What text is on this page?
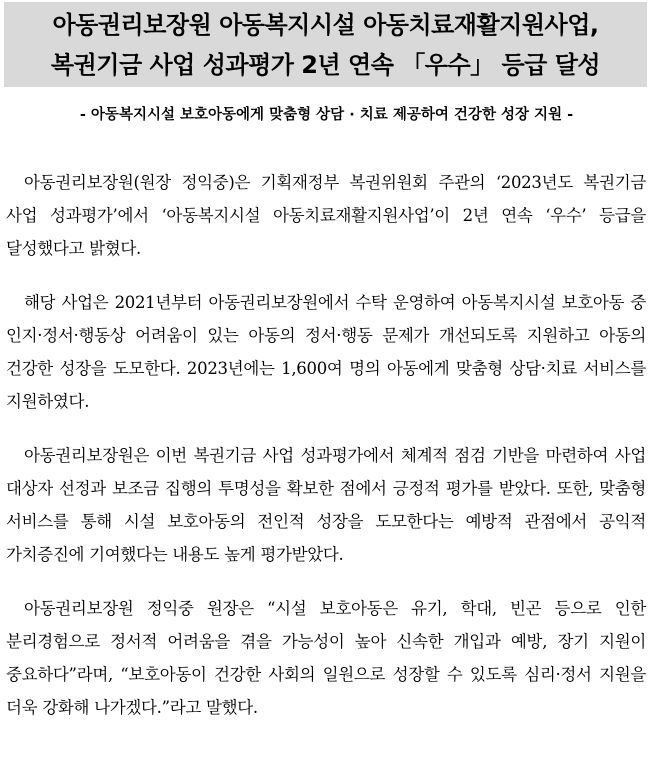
아동권리보장원 아동복지시설 아동치료재활지원사업,
복권기금 사업 성과평가 2년 연속 「우수」 등급 달성
- 아동복지시설 보호아동에게 맞춤형 상담 · 치료 제공하여 건강한 성장 지원 -

아동권리보장원(원장 정익중)은 기획재정부 복권위원회 주관의 ‘2023년도 복권기금 사업 성과평가’에서 ‘아동복지시설 아동치료재활지원사업’이 2년 연속 ‘우수’ 등급을 달성했다고 밝혔다.

해당 사업은 2021년부터 아동권리보장원에서 수탁 운영하여 아동복지시설 보호아동 중 인지·정서·행동상 어려움이 있는 아동의 정서·행동 문제가 개선되도록 지원하고 아동의 건강한 성장을 도모한다. 2023년에는 1,600여 명의 아동에게 맞춤형 상담·치료 서비스를 지원하였다.

아동권리보장원은 이번 복권기금 사업 성과평가에서 체계적 점검 기반을 마련하여 사업 대상자 선정과 보조금 집행의 투명성을 확보한 점에서 긍정적 평가를 받았다. 또한, 맞춤형 서비스를 통해 시설 보호아동의 전인적 성장을 도모한다는 예방적 관점에서 공익적 가치증진에 기여했다는 내용도 높게 평가받았다.

아동권리보장원 정익중 원장은 “시설 보호아동은 유기, 학대, 빈곤 등으로 인한 분리경험으로 정서적 어려움을 겪을 가능성이 높아 신속한 개입과 예방, 장기 지원이 중요하다”라며, “보호아동이 건강한 사회의 일원으로 성장할 수 있도록 심리·정서 지원을 더욱 강화해 나가겠다.”라고 말했다.
